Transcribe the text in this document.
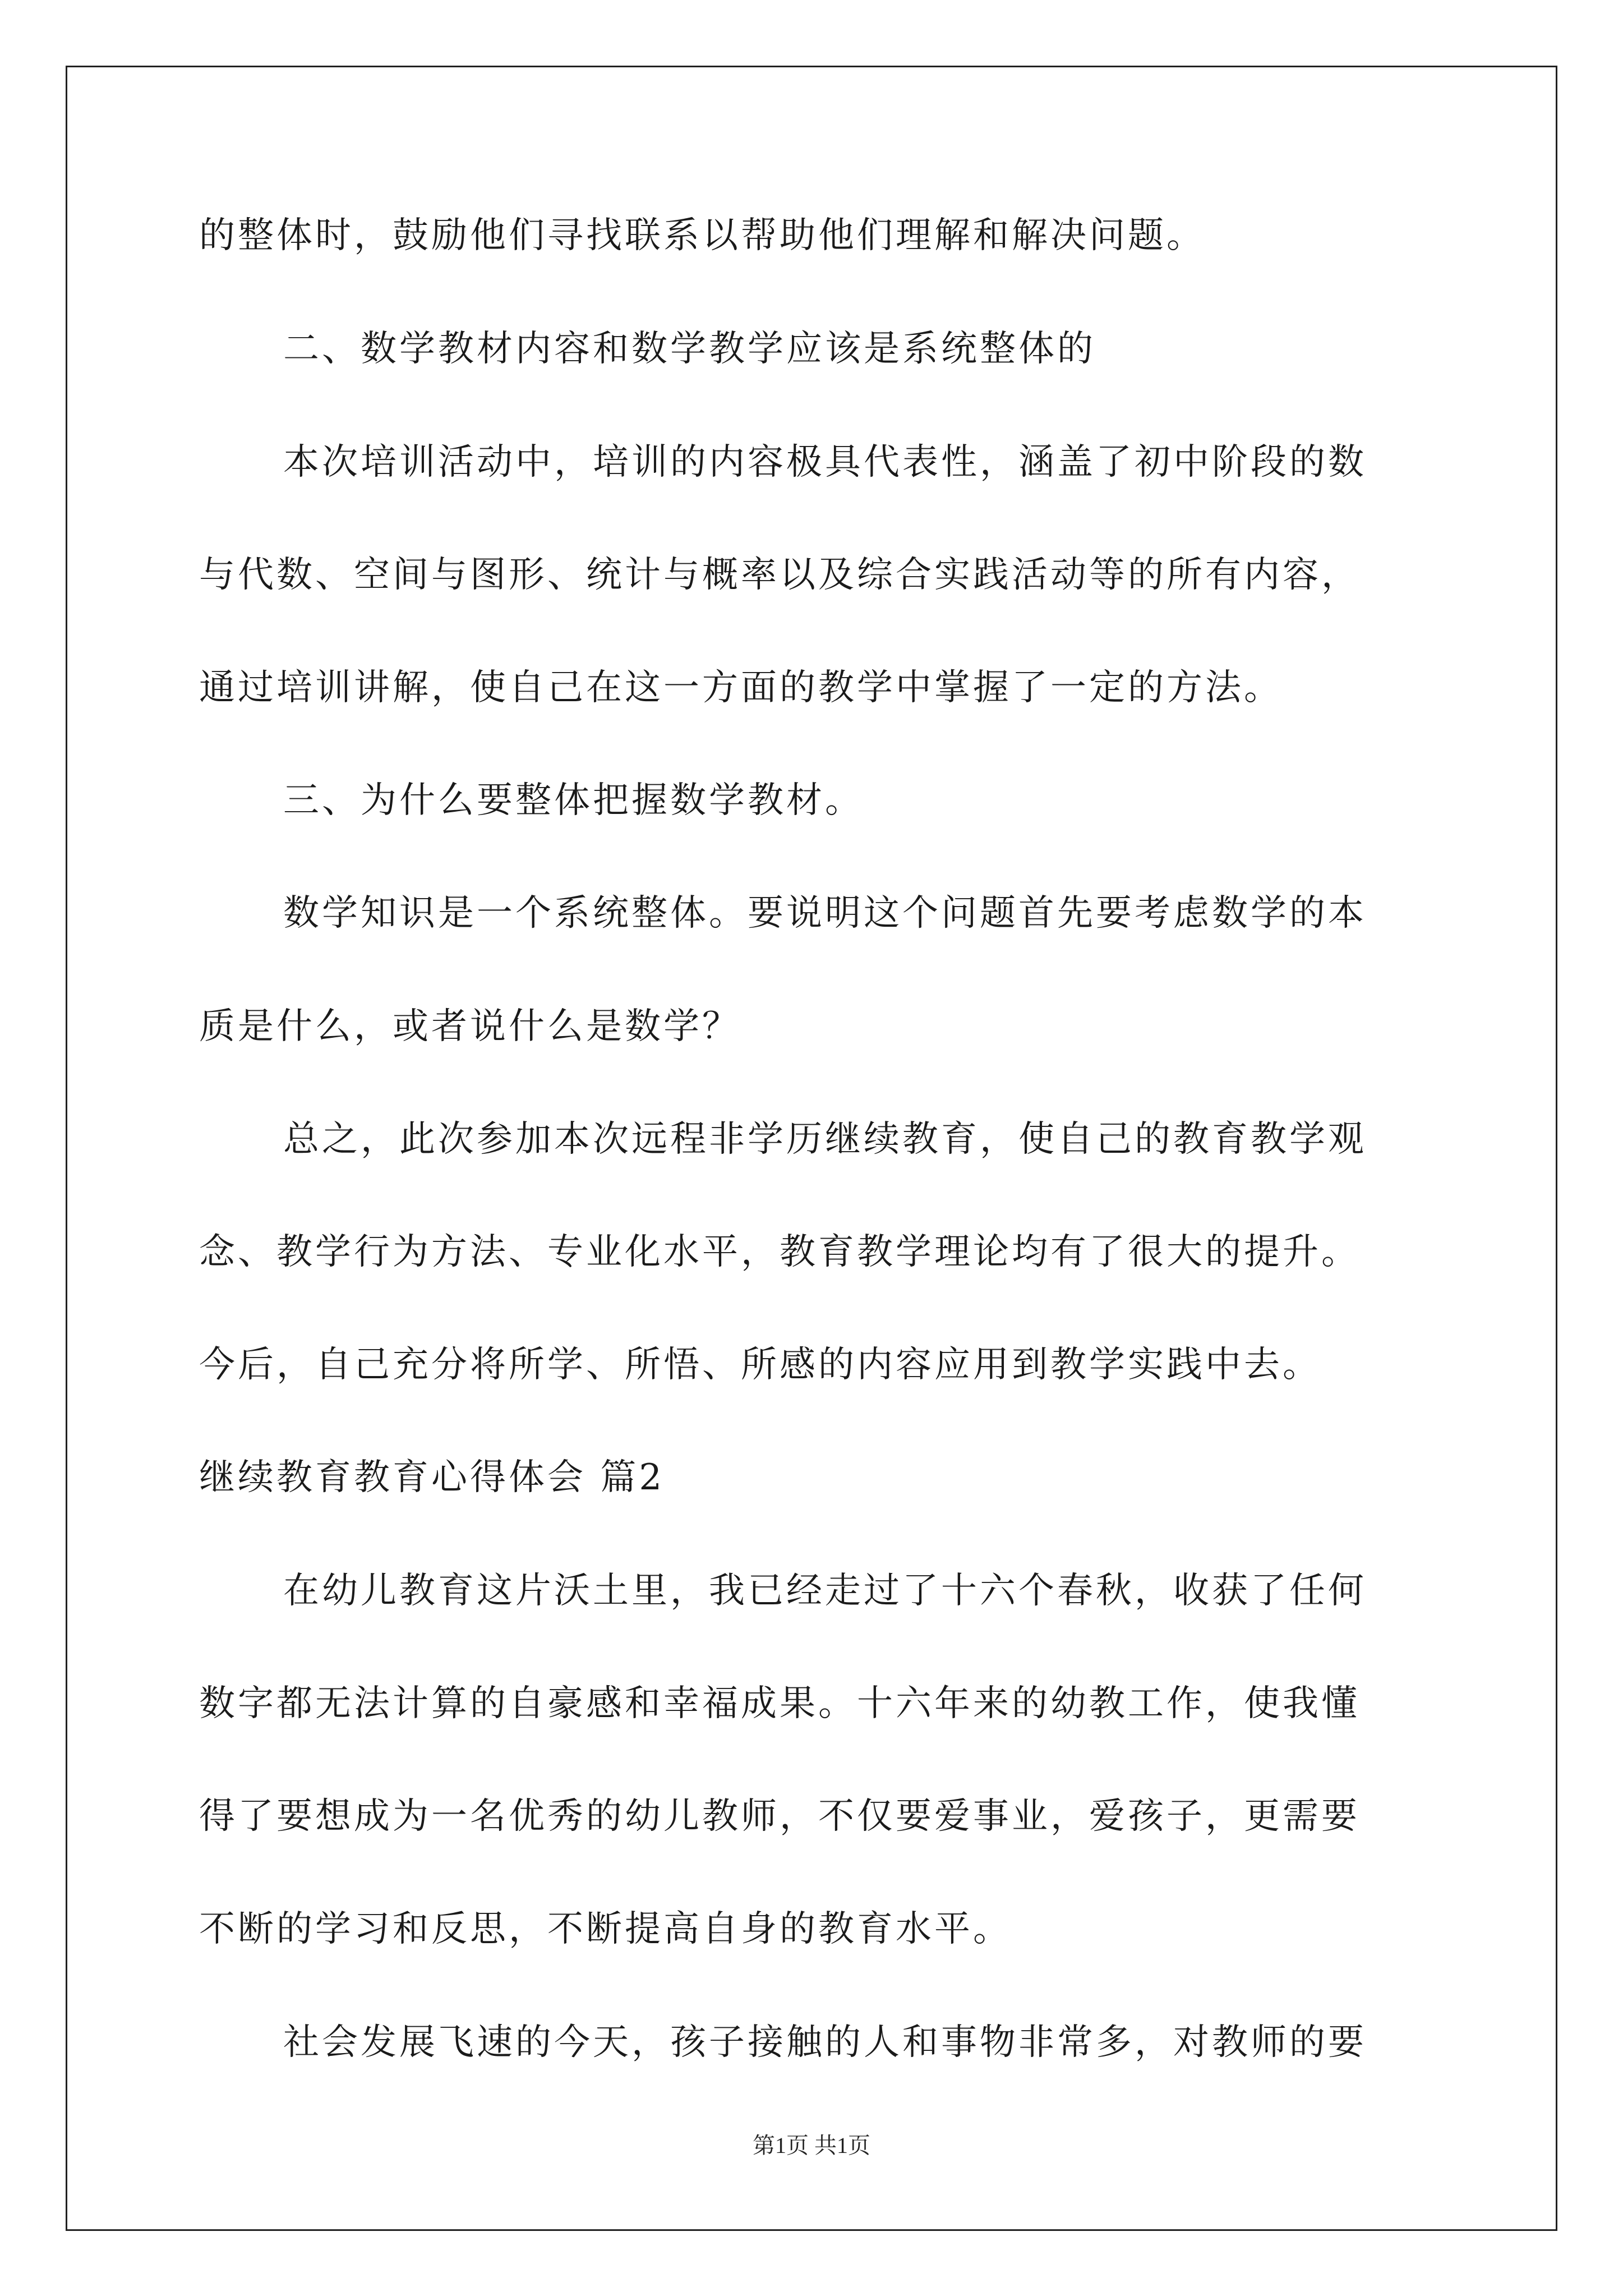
的整体时，鼓励他们寻找联系以帮助他们理解和解决问题。
二、数学教材内容和数学教学应该是系统整体的
本次培训活动中，培训的内容极具代表性，涵盖了初中阶段的数
与代数、空间与图形、统计与概率以及综合实践活动等的所有内容，
通过培训讲解，使自己在这一方面的教学中掌握了一定的方法。
三、为什么要整体把握数学教材。
数学知识是一个系统整体。要说明这个问题首先要考虑数学的本
质是什么，或者说什么是数学？
总之，此次参加本次远程非学历继续教育，使自己的教育教学观
念、教学行为方法、专业化水平，教育教学理论均有了很大的提升。
今后，自己充分将所学、所悟、所感的内容应用到教学实践中去。
继续教育教育心得体会 篇2
在幼儿教育这片沃土里，我已经走过了十六个春秋，收获了任何
数字都无法计算的自豪感和幸福成果。十六年来的幼教工作，使我懂
得了要想成为一名优秀的幼儿教师，不仅要爱事业，爱孩子，更需要
不断的学习和反思，不断提高自身的教育水平。
社会发展飞速的今天，孩子接触的人和事物非常多，对教师的要
第1页 共1页
